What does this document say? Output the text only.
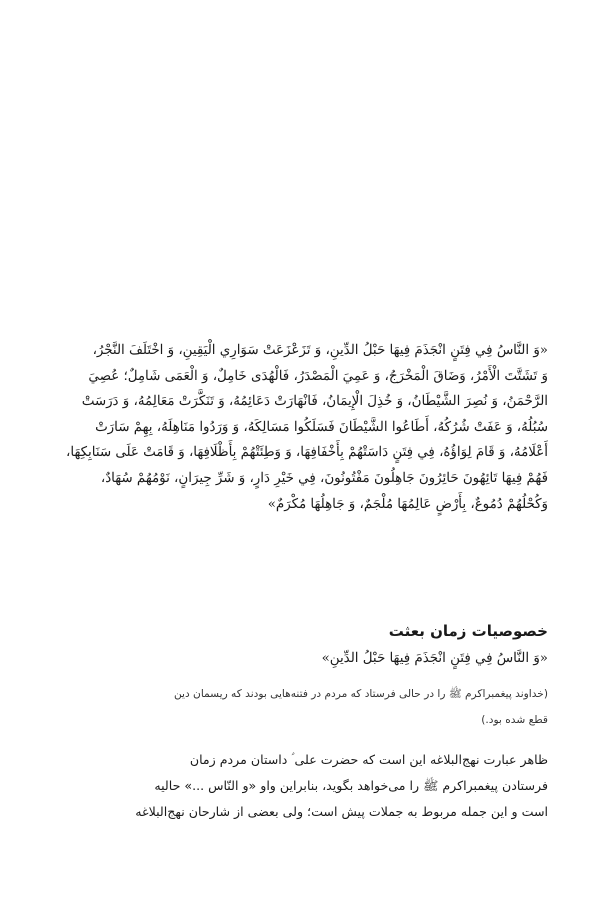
«وَ النَّاسُ فِي فِتَنٍ انْجَذَمَ فِيهَا حَبْلُ الدِّينِ، وَ تَزَعْزَعَتْ سَوَارِي الْيَقِينِ، وَ اخْتَلَفَ النَّجْرُ،
وَ تَشَتَّتَ الْأَمْرُ، وَضَاقَ الْمَخْرَجُ، وَ عَمِيَ الْمَصْدَرُ، فَالْهُدَى خَامِلٌ، وَ الْعَمَى شَامِلٌ؛ عُصِيَ
الرَّحْمَنُ، وَ نُصِرَ الشَّيْطَانُ، وَ خُذِلَ الْإِيمَانُ، فَانْهَارَتْ دَعَائِمُهُ، وَ تَنَكَّرَتْ مَعَالِمُهُ، وَ دَرَسَتْ
سُبُلُهُ، وَ عَفَتْ شُرُكُهُ، أَطَاعُوا الشَّيْطَانَ فَسَلَكُوا مَسَالِكَهُ، وَ وَرَدُوا مَنَاهِلَهُ، بِهِمْ سَارَتْ
أَعْلَامُهُ، وَ قَامَ لِوَاؤُهُ، فِي فِتَنٍ دَاسَتْهُمْ بِأَخْفَافِهَا، وَ وَطِئَتْهُمْ بِأَظْلَافِهَا، وَ قَامَتْ عَلَى سَنَابِكِهَا،
فَهُمْ فِيهَا تَائِهُونَ حَائِرُونَ جَاهِلُونَ مَفْتُونُونَ، فِي خَيْرِ دَارٍ، وَ شَرِّ جِيرَانٍ، نَوْمُهُمْ سُهَادٌ،
وَكُحْلُهُمْ دُمُوعٌ، بِأَرْضٍ عَالِمُهَا مُلْجَمٌ، وَ جَاهِلُهَا مُكْرَمٌ»

خصوصیات زمان بعثت

«وَ النَّاسُ فِي فِتَنٍ انْجَذَمَ فِيهَا حَبْلُ الدِّينِ»

(خداوند پیغمبراکرم ﷺ را در حالی فرستاد که مردم در فتنه‌هایی بودند که ریسمان دین
قطع شده بود.)

ظاهر عبارت نهج‌البلاغه این است که حضرت علی ؑ داستان مردم زمان
فرستادن پیغمبراکرم ﷺ را می‌خواهد بگوید، بنابراین واو «و النّاس ...» حالیه
است و این جمله مربوط به جملات پیش است؛ ولی بعضی از شارحان نهج‌البلاغه
